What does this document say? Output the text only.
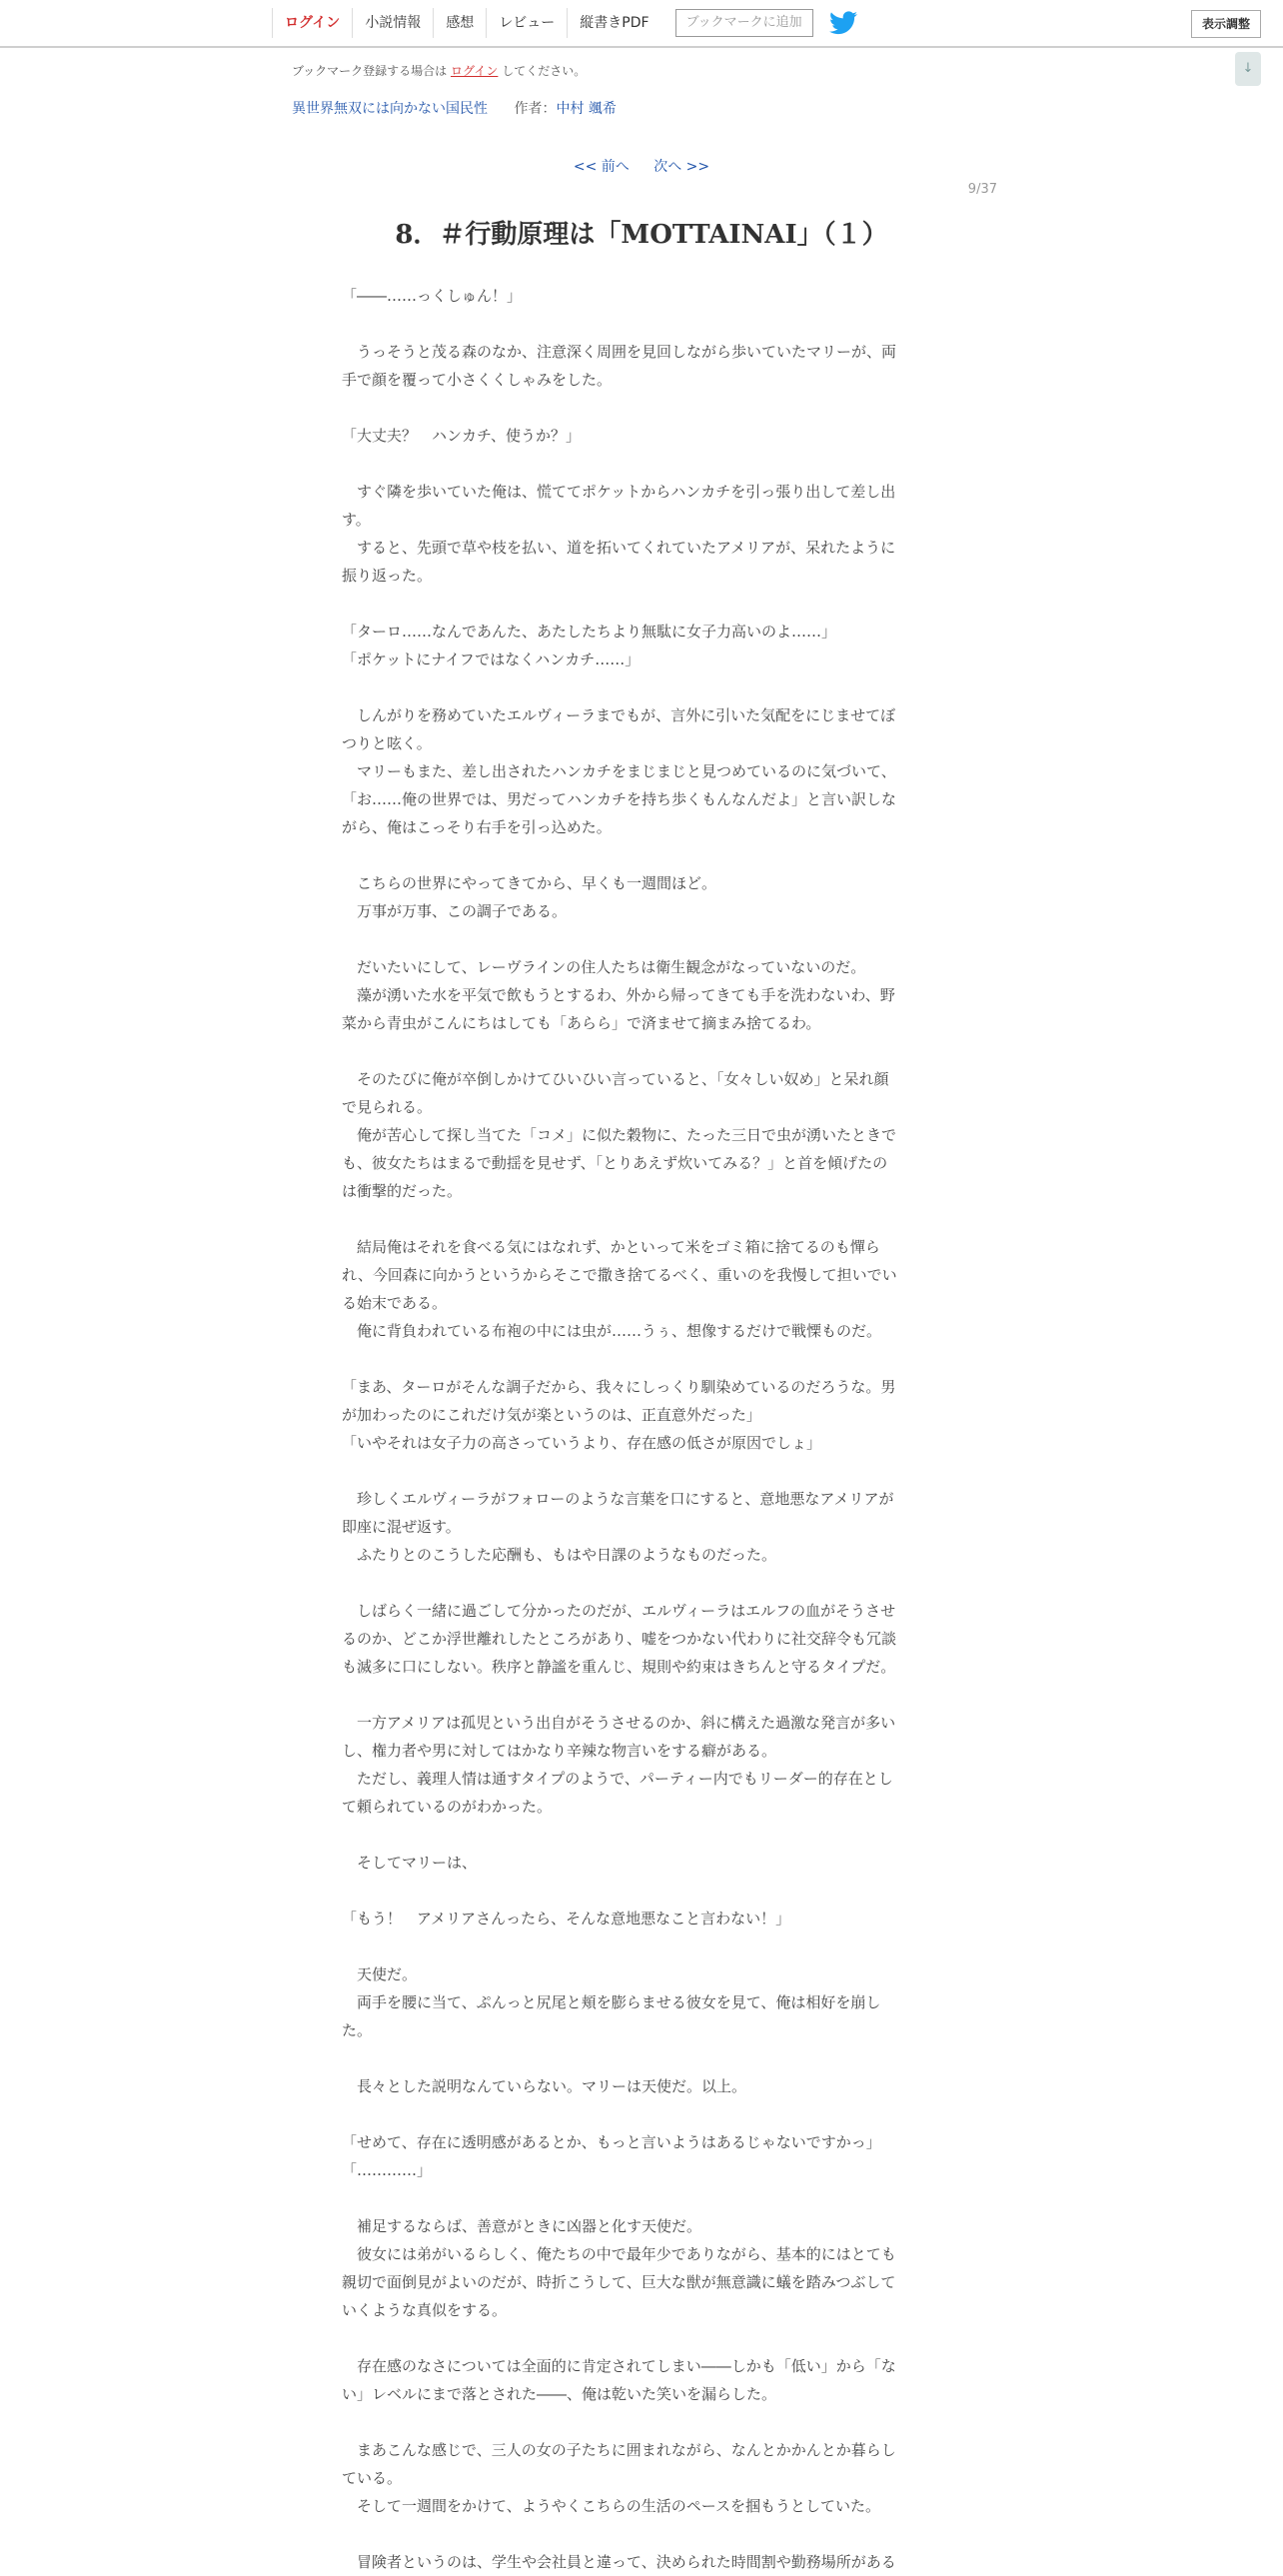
ログイン	小説情報	感想	レビュー	縦書きPDF	ブックマークに追加	表示調整
↓
ブックマーク登録する場合は ログイン してください。
異世界無双には向かない国民性 作者：中村 颯希
<< 前へ 次へ >>
9/37
8．＃行動原理は「MOTTAINAI」（１）

「――……っくしゅん！」

　うっそうと茂る森のなか、注意深く周囲を見回しながら歩いていたマリーが、両

手で顔を覆って小さくくしゃみをした。

「大丈夫？　ハンカチ、使うか？」

　すぐ隣を歩いていた俺は、慌ててポケットからハンカチを引っ張り出して差し出

す。

　すると、先頭で草や枝を払い、道を拓いてくれていたアメリアが、呆れたように

振り返った。

「ターロ……なんであんた、あたしたちより無駄に女子力高いのよ……」

「ポケットにナイフではなくハンカチ……」

　しんがりを務めていたエルヴィーラまでもが、言外に引いた気配をにじませてぼ

つりと呟く。

　マリーもまた、差し出されたハンカチをまじまじと見つめているのに気づいて、

「お……俺の世界では、男だってハンカチを持ち歩くもんなんだよ」と言い訳しな

がら、俺はこっそり右手を引っ込めた。

　こちらの世界にやってきてから、早くも一週間ほど。

　万事が万事、この調子である。

　だいたいにして、レーヴラインの住人たちは衛生観念がなっていないのだ。

　藻が湧いた水を平気で飲もうとするわ、外から帰ってきても手を洗わないわ、野

菜から青虫がこんにちはしても「あらら」で済ませて摘まみ捨てるわ。

　そのたびに俺が卒倒しかけてひいひい言っていると、「女々しい奴め」と呆れ顔

で見られる。

　俺が苦心して探し当てた「コメ」に似た穀物に、たった三日で虫が湧いたときで

も、彼女たちはまるで動揺を見せず、「とりあえず炊いてみる？」と首を傾げたの

は衝撃的だった。

　結局俺はそれを食べる気にはなれず、かといって米をゴミ箱に捨てるのも憚ら

れ、今回森に向かうというからそこで撒き捨てるべく、重いのを我慢して担いでい

る始末である。

　俺に背負われている布袍の中には虫が……うぅ、想像するだけで戦慄ものだ。

「まあ、ターロがそんな調子だから、我々にしっくり馴染めているのだろうな。男

が加わったのにこれだけ気が楽というのは、正直意外だった」

「いやそれは女子力の高さっていうより、存在感の低さが原因でしょ」

　珍しくエルヴィーラがフォローのような言葉を口にすると、意地悪なアメリアが

即座に混ぜ返す。

　ふたりとのこうした応酬も、もはや日課のようなものだった。

　しばらく一緒に過ごして分かったのだが、エルヴィーラはエルフの血がそうさせ

るのか、どこか浮世離れしたところがあり、嘘をつかない代わりに社交辞令も冗談

も滅多に口にしない。秩序と静謐を重んじ、規則や約束はきちんと守るタイプだ。

　一方アメリアは孤児という出自がそうさせるのか、斜に構えた過激な発言が多い

し、権力者や男に対してはかなり辛辣な物言いをする癖がある。

　ただし、義理人情は通すタイプのようで、パーティー内でもリーダー的存在とし

て頼られているのがわかった。

　そしてマリーは、

「もう！　アメリアさんったら、そんな意地悪なこと言わない！」

　天使だ。

　両手を腰に当て、ぷんっと尻尾と頬を膨らませる彼女を見て、俺は相好を崩し

た。

　長々とした説明なんていらない。マリーは天使だ。以上。

「せめて、存在に透明感があるとか、もっと言いようはあるじゃないですかっ」

「…………」

　補足するならば、善意がときに凶器と化す天使だ。

　彼女には弟がいるらしく、俺たちの中で最年少でありながら、基本的にはとても

親切で面倒見がよいのだが、時折こうして、巨大な獣が無意識に蟻を踏みつぶして

いくような真似をする。

　存在感のなさについては全面的に肯定されてしまい――しかも「低い」から「な

い」レベルにまで落とされた――、俺は乾いた笑いを漏らした。

　まあこんな感じで、三人の女の子たちに囲まれながら、なんとかかんとか暮らし

ている。

　そして一週間をかけて、ようやくこちらの生活のペースを掴もうとしていた。

　冒険者というのは、学生や会社員と違って、決められた時間割や勤務場所がある
